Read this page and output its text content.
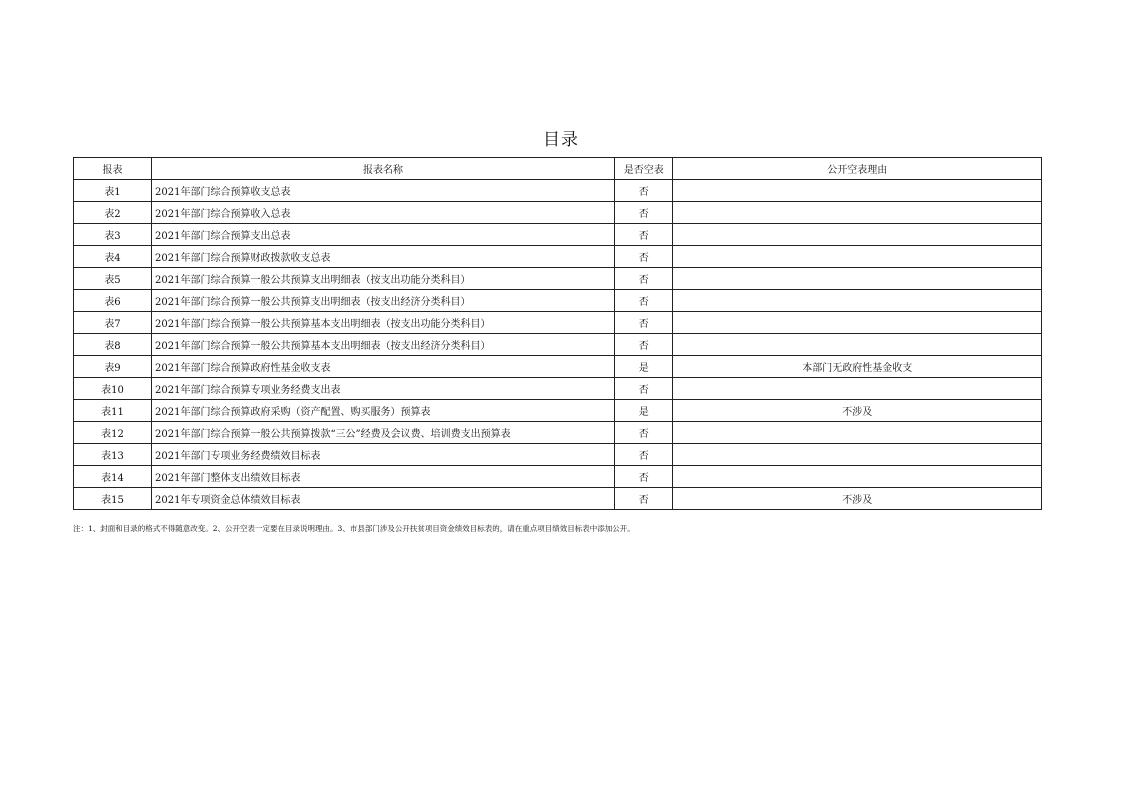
目录
报表	报表名称	是否空表	公开空表理由
表1	2021年部门综合预算收支总表	否	
表2	2021年部门综合预算收入总表	否	
表3	2021年部门综合预算支出总表	否	
表4	2021年部门综合预算财政拨款收支总表	否	
表5	2021年部门综合预算一般公共预算支出明细表（按支出功能分类科目）	否	
表6	2021年部门综合预算一般公共预算支出明细表（按支出经济分类科目）	否	
表7	2021年部门综合预算一般公共预算基本支出明细表（按支出功能分类科目）	否	
表8	2021年部门综合预算一般公共预算基本支出明细表（按支出经济分类科目）	否	
表9	2021年部门综合预算政府性基金收支表	是	本部门无政府性基金收支
表10	2021年部门综合预算专项业务经费支出表	否	
表11	2021年部门综合预算政府采购（资产配置、购买服务）预算表	是	不涉及
表12	2021年部门综合预算一般公共预算拨款“三公”经费及会议费、培训费支出预算表	否	
表13	2021年部门专项业务经费绩效目标表	否	
表14	2021年部门整体支出绩效目标表	否	
表15	2021年专项资金总体绩效目标表	否	不涉及
注：1、封面和目录的格式不得随意改变。2、公开空表一定要在目录说明理由。3、市县部门涉及公开扶贫项目资金绩效目标表的，请在重点项目绩效目标表中添加公开。
